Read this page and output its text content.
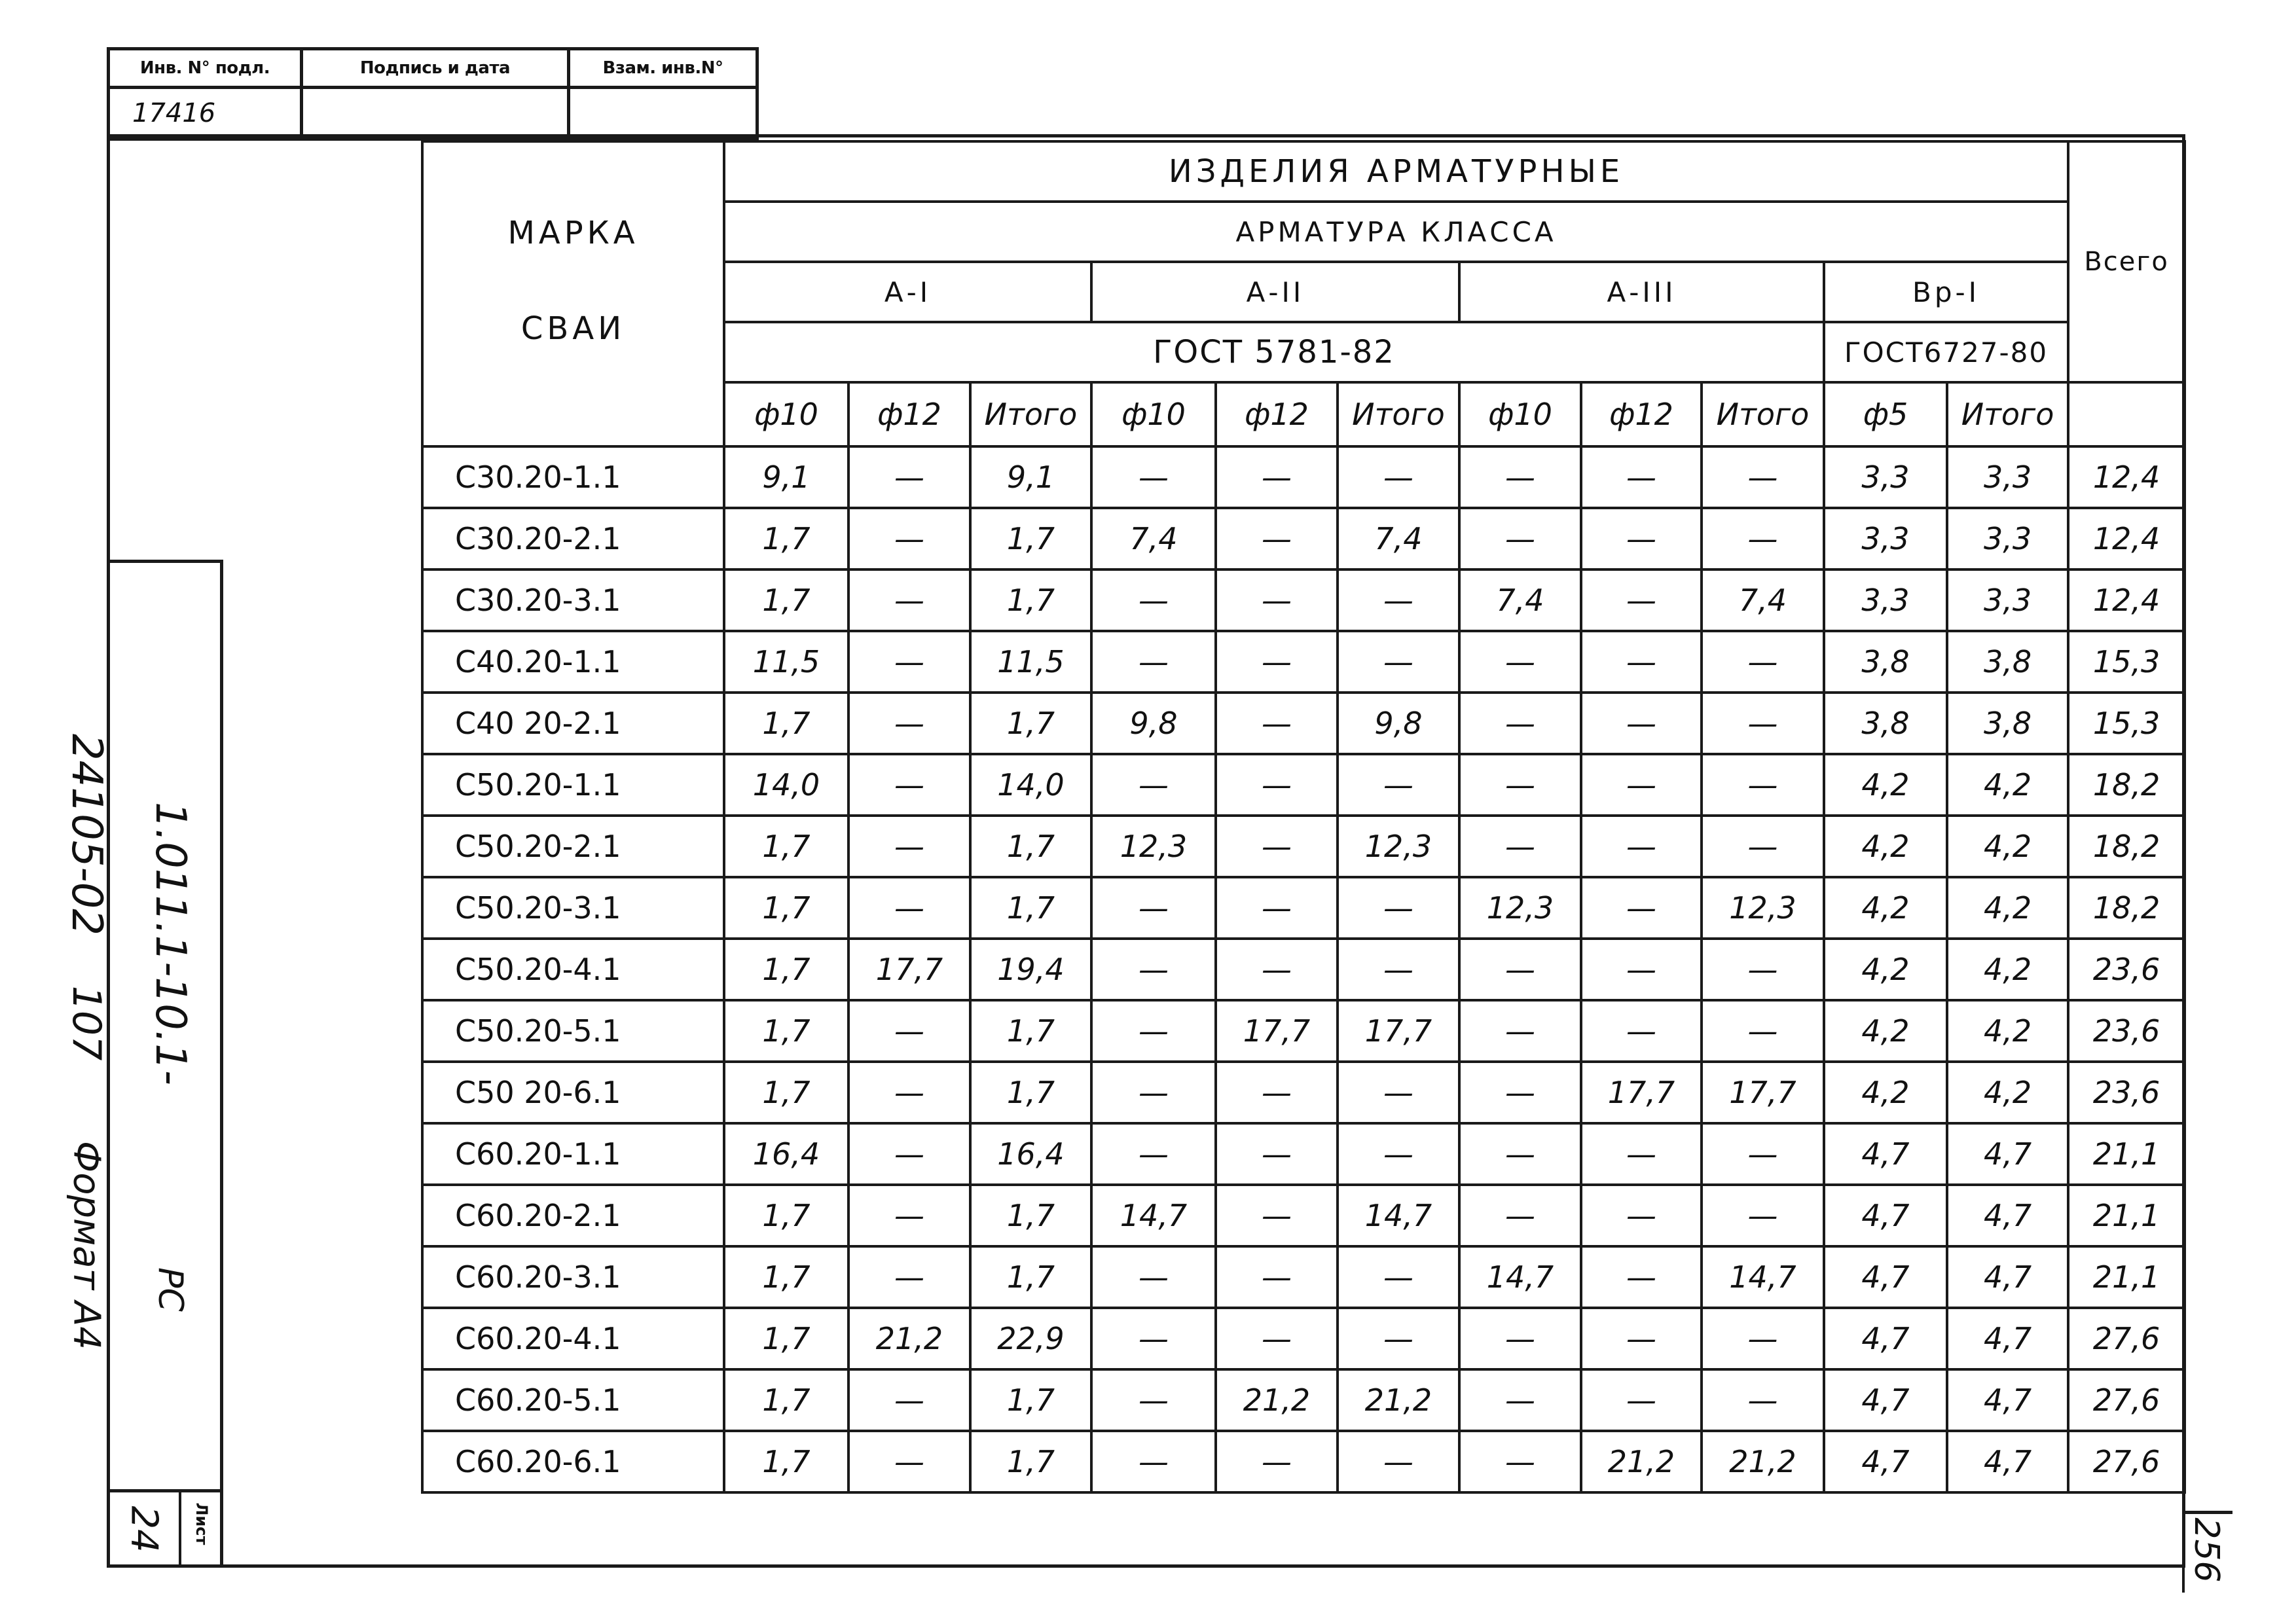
Инв. N° подл.	Подпись и дата	Взам. инв.N°
17416		
24105-02
107
Формат А4
1.011.1-10.1-
РС
Лист
24	256
МАРКА
СВАИ	ИЗДЕЛИЯ АРМАТУРНЫЕ											Всего
	АРМАТУРА КЛАССА											
	А-I			А-II			А-III			Вр-I		
	ГОСТ 5781-82									ГОСТ6727-80		
	ф10	ф12	Итого	ф10	ф12	Итого	ф10	ф12	Итого	ф5	Итого	
С30.20-1.1	9,1	—	9,1	—	—	—	—	—	—	3,3	3,3	12,4
С30.20-2.1	1,7	—	1,7	7,4	—	7,4	—	—	—	3,3	3,3	12,4
С30.20-3.1	1,7	—	1,7	—	—	—	7,4	—	7,4	3,3	3,3	12,4
С40.20-1.1	11,5	—	11,5	—	—	—	—	—	—	3,8	3,8	15,3
С40 20-2.1	1,7	—	1,7	9,8	—	9,8	—	—	—	3,8	3,8	15,3
С50.20-1.1	14,0	—	14,0	—	—	—	—	—	—	4,2	4,2	18,2
С50.20-2.1	1,7	—	1,7	12,3	—	12,3	—	—	—	4,2	4,2	18,2
С50.20-3.1	1,7	—	1,7	—	—	—	12,3	—	12,3	4,2	4,2	18,2
С50.20-4.1	1,7	17,7	19,4	—	—	—	—	—	—	4,2	4,2	23,6
С50.20-5.1	1,7	—	1,7	—	17,7	17,7	—	—	—	4,2	4,2	23,6
С50 20-6.1	1,7	—	1,7	—	—	—	—	17,7	17,7	4,2	4,2	23,6
С60.20-1.1	16,4	—	16,4	—	—	—	—	—	—	4,7	4,7	21,1
С60.20-2.1	1,7	—	1,7	14,7	—	14,7	—	—	—	4,7	4,7	21,1
С60.20-3.1	1,7	—	1,7	—	—	—	14,7	—	14,7	4,7	4,7	21,1
С60.20-4.1	1,7	21,2	22,9	—	—	—	—	—	—	4,7	4,7	27,6
С60.20-5.1	1,7	—	1,7	—	21,2	21,2	—	—	—	4,7	4,7	27,6
С60.20-6.1	1,7	—	1,7	—	—	—	—	21,2	21,2	4,7	4,7	27,6
